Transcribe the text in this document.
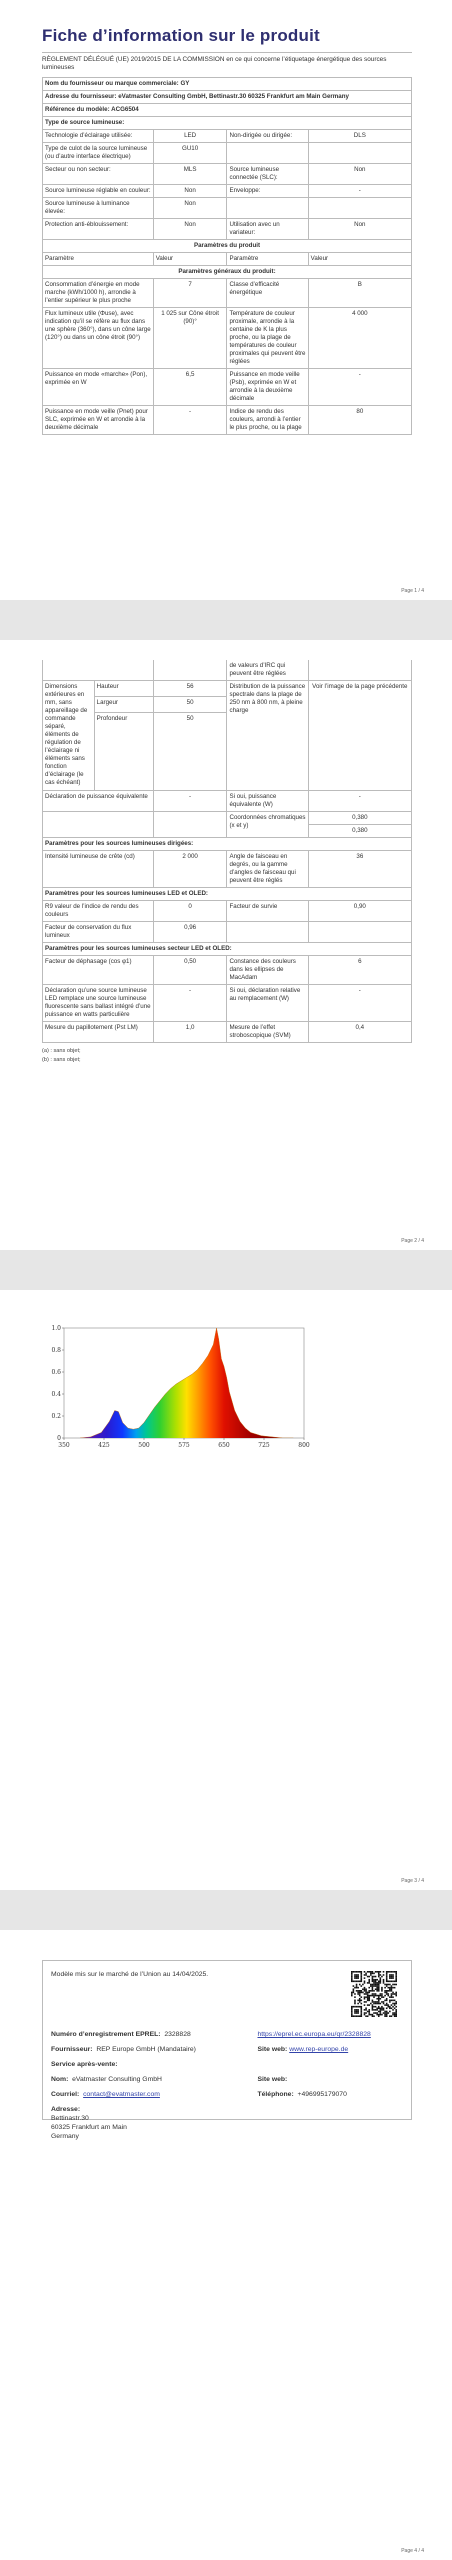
Fiche d’information sur le produit
RÈGLEMENT DÉLÉGUÉ (UE) 2019/2015 DE LA COMMISSION en ce qui concerne l’étiquetage énergétique des sources lumineuses
Nom du fournisseur ou marque commerciale: GY			
Adresse du fournisseur: eVatmaster Consulting GmbH, Bettinastr.30 60325 Frankfurt am Main Germany			
Référence du modèle: ACG6504			
Type de source lumineuse:			
Technologie d’éclairage utilisée:	LED	Non-dirigée ou dirigée:	DLS
Type de culot de la source lumineuse (ou d’autre interface électrique)	GU10		
Secteur ou non secteur:	MLS	Source lumineuse connectée (SLC):	Non
Source lumineuse réglable en couleur:	Non	Enveloppe:	-
Source lumineuse à luminance élevée:	Non		
Protection anti-éblouissement:	Non	Utilisation avec un variateur:	Non
Paramètres du produit			
Paramètre	Valeur	Paramètre	Valeur
Paramètres généraux du produit:			
Consommation d’énergie en mode marche (kWh/1000 h), arrondie à l’entier supérieur le plus proche	7	Classe d’efficacité énergétique	B
Flux lumineux utile (Φuse), avec indication qu’il se réfère au flux dans une sphère (360°), dans un cône large (120°) ou dans un cône étroit (90°)	1 025 sur Cône étroit (90)°	Température de couleur proximale, arrondie à la centaine de K la plus proche, ou la plage de températures de couleur proximales qui peuvent être réglées	4 000
Puissance en mode «marche» (Pon), exprimée en W	6,5	Puissance en mode veille (Psb), exprimée en W et arrondie à la deuxième décimale	-
Puissance en mode veille (Pnet) pour SLC, exprimée en W et arrondie à la deuxième décimale	-	Indice de rendu des couleurs, arrondi à l’entier le plus proche, ou la plage	80
Page 1 / 4
			de valeurs d’IRC qui peuvent être réglées	
Dimensions extérieures en mm, sans appareillage de commande séparé, éléments de régulation de l’éclairage ni éléments sans fonction d’éclairage (le cas échéant)	Hauteur	56	Distribution de la puissance spectrale dans la plage de 250 nm à 800 nm, à pleine charge	Voir l’image de la page précédente
	Largeur	50		
	Profondeur	50		
Déclaration de puissance équivalente		-	Si oui, puissance équivalente (W)	-
			Coordonnées chromatiques (x et y)	0,380
				0,380
Paramètres pour les sources lumineuses dirigées:				
Intensité lumineuse de crête (cd)		2 000	Angle de faisceau en degrés, ou la gamme d’angles de faisceau qui peuvent être réglés	36
Paramètres pour les sources lumineuses LED et OLED:				
R9 valeur de l’indice de rendu des couleurs		0	Facteur de survie	0,90
Facteur de conservation du flux lumineux		0,96		
Paramètres pour les sources lumineuses secteur LED et OLED:				
Facteur de déphasage (cos φ1)		0,50	Constance des couleurs dans les ellipses de MacAdam	6
Déclaration qu’une source lumineuse LED remplace une source lumineuse fluorescente sans ballast intégré d’une puissance en watts particulière		-	Si oui, déclaration relative au remplacement (W)	-
Mesure du papillotement (Pst LM)		1,0	Mesure de l’effet stroboscopique (SVM)	0,4
(a) : sans objet;
(b) : sans objet;
Page 2 / 4
350	425	500	575	650	725	800
0
0.2
0.4
0.6
0.8
1.0
Page 3 / 4
Modèle mis sur le marché de l’Union au 14/04/2025.
Numéro d’enregistrement EPREL: 2328828	https://eprel.ec.europa.eu/qr/2328828
Fournisseur: REP Europe GmbH (Mandataire)	Site web: www.rep-europe.de
Service après-vente:	
Nom: eVatmaster Consulting GmbH	Site web:
Courriel: contact@evatmaster.com	Téléphone: +496995179070

Adresse:
Bettinastr.30
60325 Frankfurt am Main
Germany	
Page 4 / 4
